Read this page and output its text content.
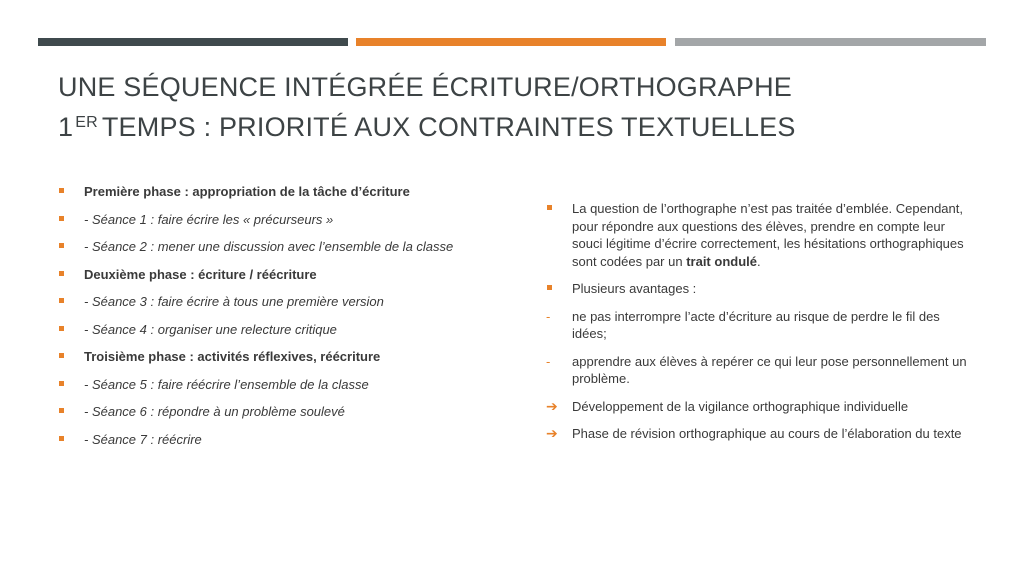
UNE SÉQUENCE INTÉGRÉE ÉCRITURE/ORTHOGRAPHE
1 $^{ER}$ TEMPS : PRIORITÉ AUX CONTRAINTES TEXTUELLES
Première phase : appropriation de la tâche d’écriture
- Séance 1 : faire écrire les « précurseurs »
- Séance 2 : mener une discussion avec l’ensemble de la classe
Deuxième phase : écriture / réécriture
- Séance 3 : faire écrire à tous une première version
- Séance 4 : organiser une relecture critique
Troisième phase : activités réflexives, réécriture
- Séance 5 : faire réécrire l’ensemble de la classe
- Séance 6 : répondre à un problème soulevé
- Séance 7 : réécrire
La question de l’orthographe n’est pas traitée d’emblée. Cependant, pour répondre aux questions des élèves, prendre en compte leur souci légitime d’écrire correctement, les hésitations orthographiques sont codées par un trait ondulé.
Plusieurs avantages :
-	ne pas interrompre l’acte d’écriture au risque de perdre le fil des idées;
-	apprendre aux élèves à repérer ce qui leur pose personnellement un problème.
➔ Développement de la vigilance orthographique individuelle
➔ Phase de révision orthographique au cours de l’élaboration du texte
